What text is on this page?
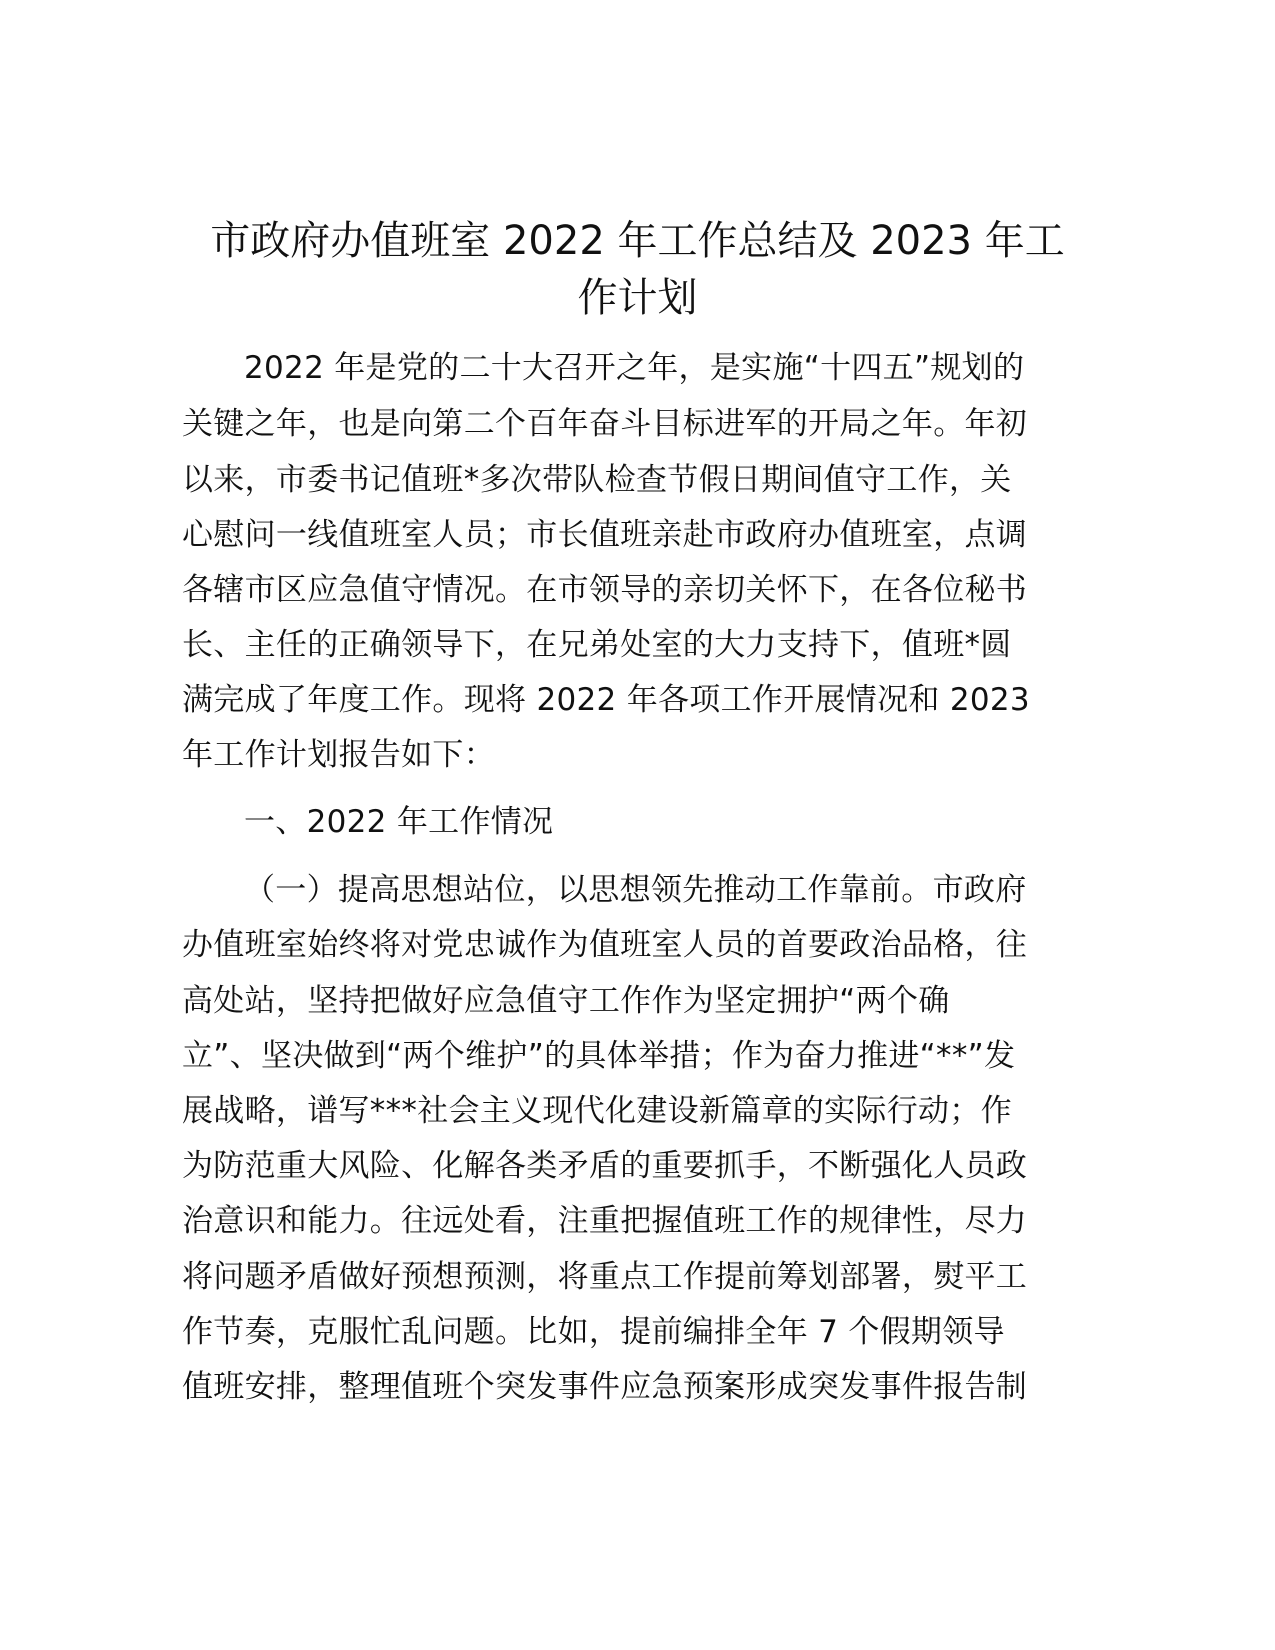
市政府办值班室 2022 年工作总结及 2023 年工
作计划
2022 年是党的二十大召开之年，是实施“十四五”规划的
关键之年，也是向第二个百年奋斗目标进军的开局之年。年初
以来，市委书记值班*多次带队检查节假日期间值守工作，关
心慰问一线值班室人员；市长值班亲赴市政府办值班室，点调
各辖市区应急值守情况。在市领导的亲切关怀下，在各位秘书
长、主任的正确领导下，在兄弟处室的大力支持下，值班*圆
满完成了年度工作。现将 2022 年各项工作开展情况和 2023
年工作计划报告如下：
一、2022 年工作情况
（一）提高思想站位，以思想领先推动工作靠前。市政府
办值班室始终将对党忠诚作为值班室人员的首要政治品格，往
高处站，坚持把做好应急值守工作作为坚定拥护“两个确
立”、坚决做到“两个维护”的具体举措；作为奋力推进“**”发
展战略，谱写***社会主义现代化建设新篇章的实际行动；作
为防范重大风险、化解各类矛盾的重要抓手，不断强化人员政
治意识和能力。往远处看，注重把握值班工作的规律性，尽力
将问题矛盾做好预想预测，将重点工作提前筹划部署，熨平工
作节奏，克服忙乱问题。比如，提前编排全年 7 个假期领导
值班安排，整理值班个突发事件应急预案形成突发事件报告制
